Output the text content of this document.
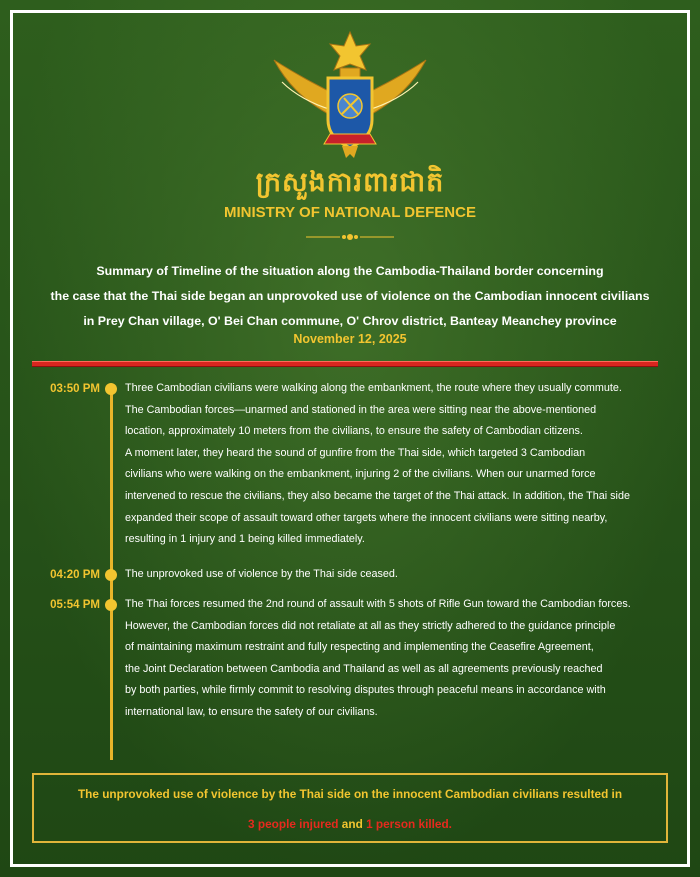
ក្រសួងការពារជាតិ
MINISTRY OF NATIONAL DEFENCE
Summary of Timeline of the situation along the Cambodia-Thailand border concerning
the case that the Thai side began an unprovoked use of violence on the Cambodian innocent civilians
in Prey Chan village, O' Bei Chan commune, O' Chrov district, Banteay Meanchey province
November 12, 2025
03:50 PM Three Cambodian civilians were walking along the embankment, the route where they usually commute.

The Cambodian forces—unarmed and stationed in the area were sitting near the above-mentioned

location, approximately 10 meters from the civilians, to ensure the safety of Cambodian citizens.

A moment later, they heard the sound of gunfire from the Thai side, which targeted 3 Cambodian

civilians who were walking on the embankment, injuring 2 of the civilians. When our unarmed force

intervened to rescue the civilians, they also became the target of the Thai attack. In addition, the Thai side

expanded their scope of assault toward other targets where the innocent civilians were sitting nearby,

resulting in 1 injury and 1 being killed immediately.

04:20 PM The unprovoked use of violence by the Thai side ceased.

05:54 PM The Thai forces resumed the 2nd round of assault with 5 shots of Rifle Gun toward the Cambodian forces.

However, the Cambodian forces did not retaliate at all as they strictly adhered to the guidance principle

of maintaining maximum restraint and fully respecting and implementing the Ceasefire Agreement,

the Joint Declaration between Cambodia and Thailand as well as all agreements previously reached

by both parties, while firmly commit to resolving disputes through peaceful means in accordance with

international law, to ensure the safety of our civilians.

The unprovoked use of violence by the Thai side on the innocent Cambodian civilians resulted in
3 people injured and 1 person killed.
